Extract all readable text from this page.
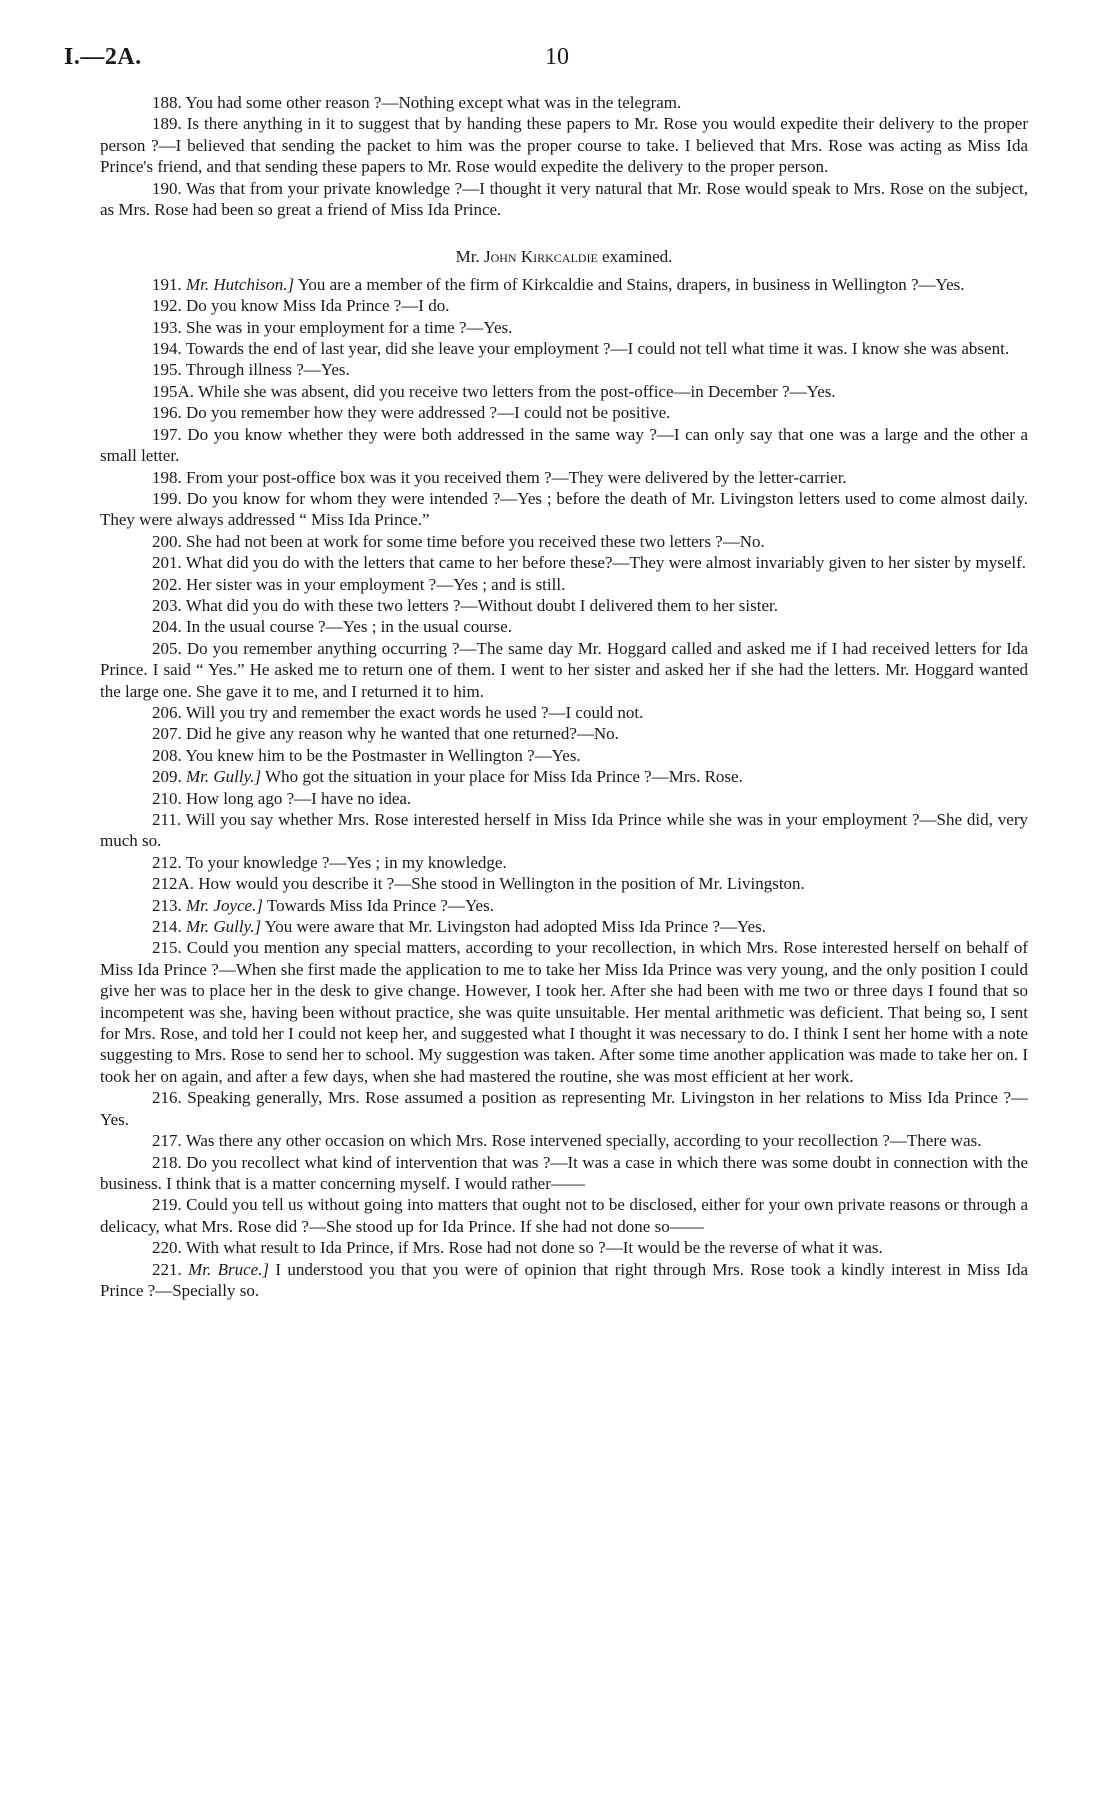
I.—2A.	10

188. You had some other reason ?—Nothing except what was in the telegram.

189. Is there anything in it to suggest that by handing these papers to Mr. Rose you would expedite their delivery to the proper person ?—I believed that sending the packet to him was the proper course to take. I believed that Mrs. Rose was acting as Miss Ida Prince's friend, and that sending these papers to Mr. Rose would expedite the delivery to the proper person.

190. Was that from your private knowledge ?—I thought it very natural that Mr. Rose would speak to Mrs. Rose on the subject, as Mrs. Rose had been so great a friend of Miss Ida Prince.

Mr. John Kirkcaldie examined.

191. Mr. Hutchison.] You are a member of the firm of Kirkcaldie and Stains, drapers, in business in Wellington ?—Yes.

192. Do you know Miss Ida Prince ?—I do.

193. She was in your employment for a time ?—Yes.

194. Towards the end of last year, did she leave your employment ?—I could not tell what time it was. I know she was absent.

195. Through illness ?—Yes.

195A. While she was absent, did you receive two letters from the post-office—in December ?—Yes.

196. Do you remember how they were addressed ?—I could not be positive.

197. Do you know whether they were both addressed in the same way ?—I can only say that one was a large and the other a small letter.

198. From your post-office box was it you received them ?—They were delivered by the letter-carrier.

199. Do you know for whom they were intended ?—Yes ; before the death of Mr. Livingston letters used to come almost daily. They were always addressed “ Miss Ida Prince.”

200. She had not been at work for some time before you received these two letters ?—No.

201. What did you do with the letters that came to her before these?—They were almost invariably given to her sister by myself.

202. Her sister was in your employment ?—Yes ; and is still.

203. What did you do with these two letters ?—Without doubt I delivered them to her sister.

204. In the usual course ?—Yes ; in the usual course.

205. Do you remember anything occurring ?—The same day Mr. Hoggard called and asked me if I had received letters for Ida Prince. I said “ Yes.” He asked me to return one of them. I went to her sister and asked her if she had the letters. Mr. Hoggard wanted the large one. She gave it to me, and I returned it to him.

206. Will you try and remember the exact words he used ?—I could not.

207. Did he give any reason why he wanted that one returned?—No.

208. You knew him to be the Postmaster in Wellington ?—Yes.

209. Mr. Gully.] Who got the situation in your place for Miss Ida Prince ?—Mrs. Rose.

210. How long ago ?—I have no idea.

211. Will you say whether Mrs. Rose interested herself in Miss Ida Prince while she was in your employment ?—She did, very much so.

212. To your knowledge ?—Yes ; in my knowledge.

212A. How would you describe it ?—She stood in Wellington in the position of Mr. Livingston.

213. Mr. Joyce.] Towards Miss Ida Prince ?—Yes.

214. Mr. Gully.] You were aware that Mr. Livingston had adopted Miss Ida Prince ?—Yes.

215. Could you mention any special matters, according to your recollection, in which Mrs. Rose interested herself on behalf of Miss Ida Prince ?—When she first made the application to me to take her Miss Ida Prince was very young, and the only position I could give her was to place her in the desk to give change. However, I took her. After she had been with me two or three days I found that so incompetent was she, having been without practice, she was quite unsuitable. Her mental arithmetic was deficient. That being so, I sent for Mrs. Rose, and told her I could not keep her, and suggested what I thought it was necessary to do. I think I sent her home with a note suggesting to Mrs. Rose to send her to school. My suggestion was taken. After some time another application was made to take her on. I took her on again, and after a few days, when she had mastered the routine, she was most efficient at her work.

216. Speaking generally, Mrs. Rose assumed a position as representing Mr. Livingston in her relations to Miss Ida Prince ?—Yes.

217. Was there any other occasion on which Mrs. Rose intervened specially, according to your recollection ?—There was.

218. Do you recollect what kind of intervention that was ?—It was a case in which there was some doubt in connection with the business. I think that is a matter concerning myself. I would rather——

219. Could you tell us without going into matters that ought not to be disclosed, either for your own private reasons or through a delicacy, what Mrs. Rose did ?—She stood up for Ida Prince. If she had not done so——

220. With what result to Ida Prince, if Mrs. Rose had not done so ?—It would be the reverse of what it was.

221. Mr. Bruce.] I understood you that you were of opinion that right through Mrs. Rose took a kindly interest in Miss Ida Prince ?—Specially so.
